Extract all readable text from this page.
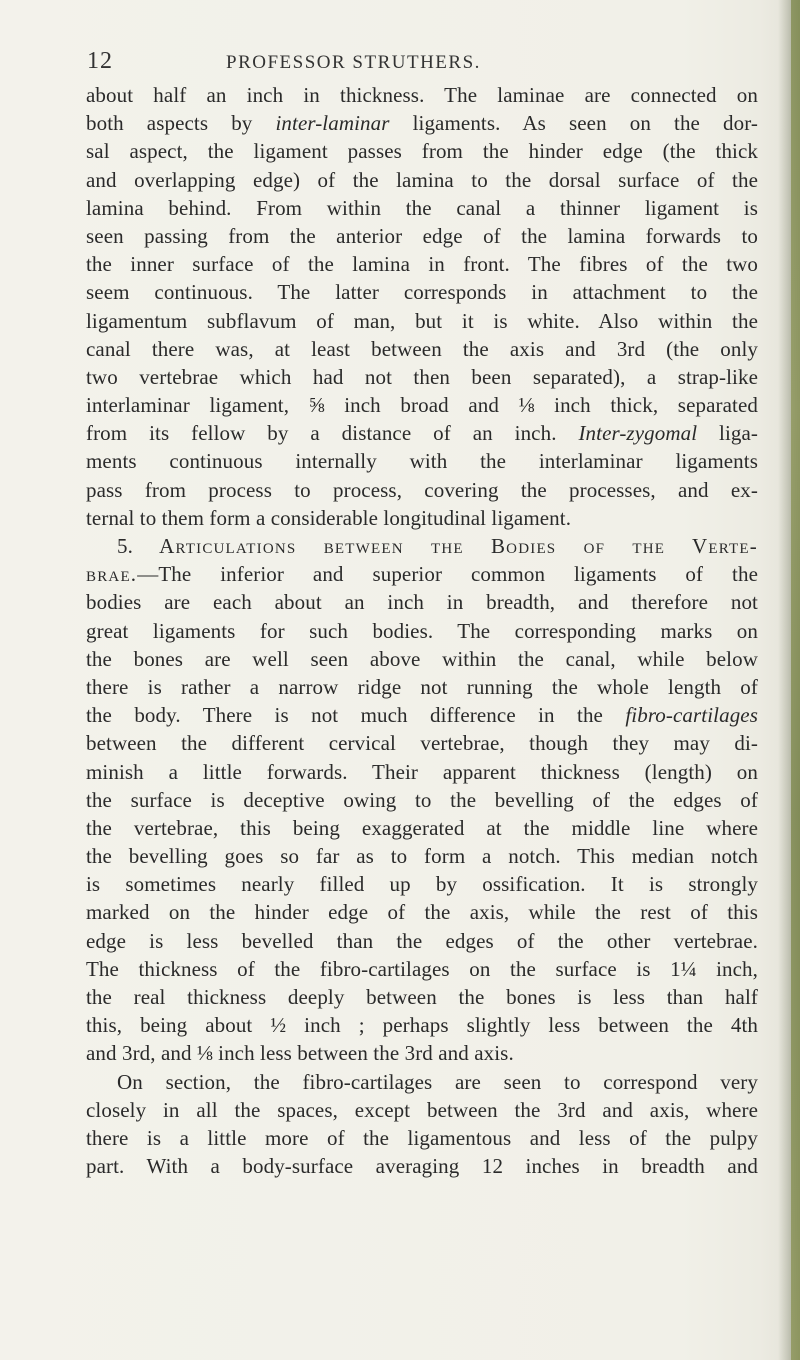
12	PROFESSOR STRUTHERS.
about half an inch in thickness. The laminae are connected on
both aspects by inter-laminar ligaments. As seen on the dor-
sal aspect, the ligament passes from the hinder edge (the thick
and overlapping edge) of the lamina to the dorsal surface of the
lamina behind. From within the canal a thinner ligament is
seen passing from the anterior edge of the lamina forwards to
the inner surface of the lamina in front. The fibres of the two
seem continuous. The latter corresponds in attachment to the
ligamentum subflavum of man, but it is white. Also within the
canal there was, at least between the axis and 3rd (the only
two vertebrae which had not then been separated), a strap-like
interlaminar ligament, ⅝ inch broad and ⅛ inch thick, separated
from its fellow by a distance of an inch. Inter-zygomal liga-
ments continuous internally with the interlaminar ligaments
pass from process to process, covering the processes, and ex-
ternal to them form a considerable longitudinal ligament.
5. Articulations between the Bodies of the Verte-
brae.—The inferior and superior common ligaments of the
bodies are each about an inch in breadth, and therefore not
great ligaments for such bodies. The corresponding marks on
the bones are well seen above within the canal, while below
there is rather a narrow ridge not running the whole length of
the body. There is not much difference in the fibro-cartilages
between the different cervical vertebrae, though they may di-
minish a little forwards. Their apparent thickness (length) on
the surface is deceptive owing to the bevelling of the edges of
the vertebrae, this being exaggerated at the middle line where
the bevelling goes so far as to form a notch. This median notch
is sometimes nearly filled up by ossification. It is strongly
marked on the hinder edge of the axis, while the rest of this
edge is less bevelled than the edges of the other vertebrae.
The thickness of the fibro-cartilages on the surface is 1¼ inch,
the real thickness deeply between the bones is less than half
this, being about ½ inch ; perhaps slightly less between the 4th
and 3rd, and ⅛ inch less between the 3rd and axis.
On section, the fibro-cartilages are seen to correspond very
closely in all the spaces, except between the 3rd and axis, where
there is a little more of the ligamentous and less of the pulpy
part. With a body-surface averaging 12 inches in breadth and
